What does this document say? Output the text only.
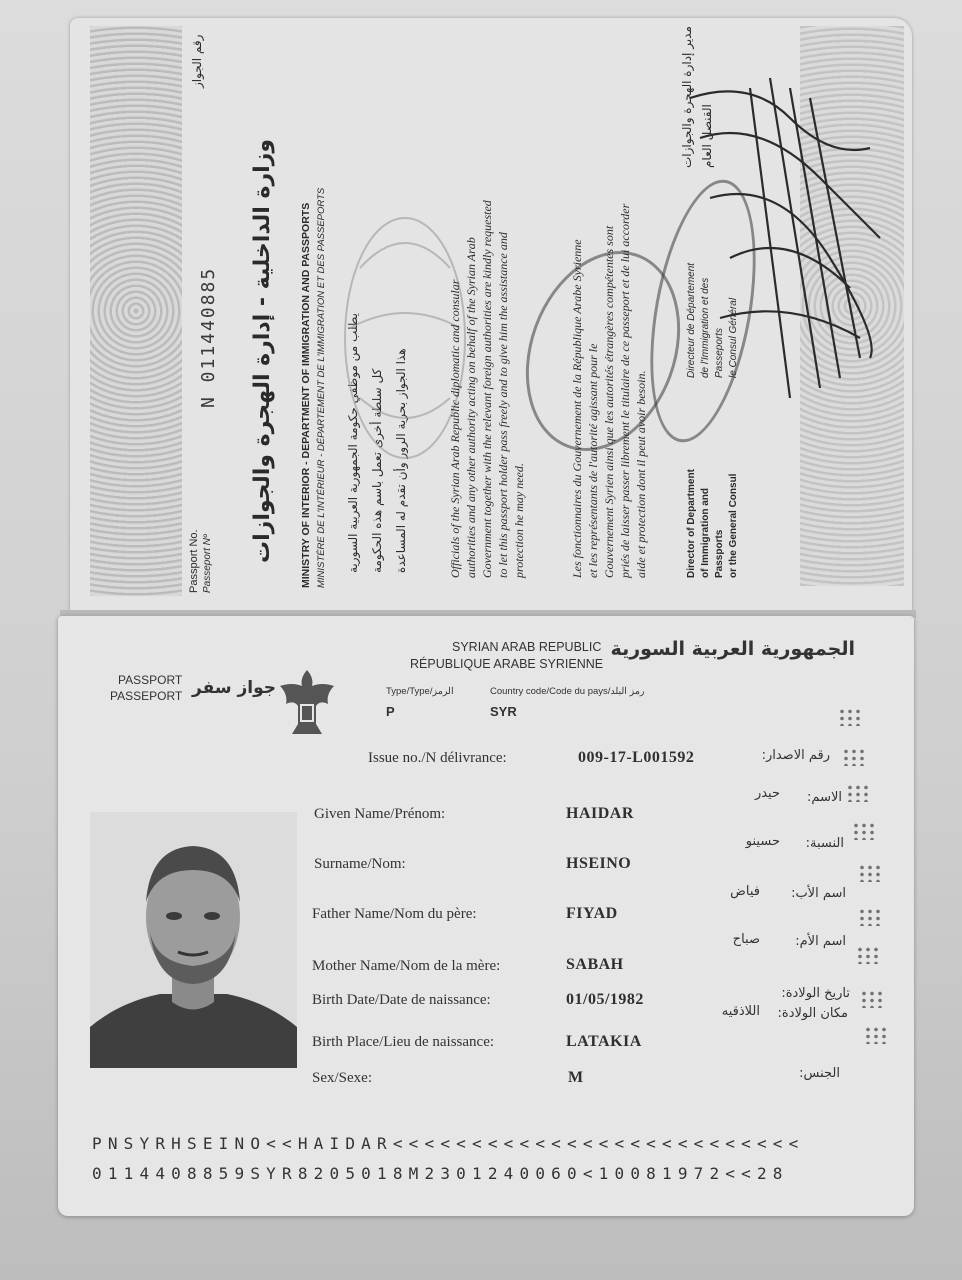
Passport No. Passeport Nº
رقم الجواز
N 011440885 وزارة الداخلية - إدارة الهجرة والجوازات MINISTRY OF INTERIOR - DEPARTMENT OF IMMIGRATION AND PASSPORTS MINISTÈRE DE L'INTÉRIEUR - DÉPARTEMENT DE L'IMMIGRATION ET DES PASSEPORTS يطلب من موظفي حكومة الجمهورية العربية السورية كل سلطة أخرى تعمل باسم هذه الحكومة هذا الجواز بحرية الرور وأن تقدم له المساعدة	Officials of the Syrian Arab Republic diplomatic and consular authorities and any other authority acting on behalf of the Syrian Arab Government together with the relevant foreign authorities are kindly requested to let this passport holder pass freely and to give him the assistance and protection he may need.	Les fonctionnaires du Gouvernement de la République Arabe Syrienne et les représentants de l'autorité agissant pour le Gouvernement Syrien ainsi que les autorités étrangères compétentes sont priés de laisser passer librement le titulaire de ce passeport et de lui accorder aide et protection dont il peut avoir besoin.	Director of Department of Immigration and Passports or the General Consul
Directeur de Département de l'Immigration et des Passeports le Consul Général
مدير إدارة الهجرة والجوازات القنصل العام
SYRIAN ARAB REPUBLIC
RÉPUBLIQUE ARABE SYRIENNE
الجمهورية العربية السورية
PASSPORT
PASSEPORT جواز سفر	Type/Type/الرمز
P
Country code/Code du pays/رمز البلد
SYR
Issue no./N délivrance:	009-17-L001592	رقم الاصدار:
Given Name/Prénom:	HAIDAR
حيدر	الاسم:
Surname/Nom:	HSEINO
حسينو	النسبة:
Father Name/Nom du père:	FIYAD
فياض	اسم الأب:
Mother Name/Nom de la mère:	SABAH
صباح	اسم الأم:
Birth Date/Date de naissance:	01/05/1982	تاريخ الولادة:
Birth Place/Lieu de naissance:	LATAKIA
اللاذقيه	مكان الولادة:
Sex/Sexe:	M	الجنس:
PNSYRHSEINO<<HAIDAR<<<<<<<<<<<<<<<<<<<<<<<<<<
0114408859SYR8205018M2301240060<10081972<<28
